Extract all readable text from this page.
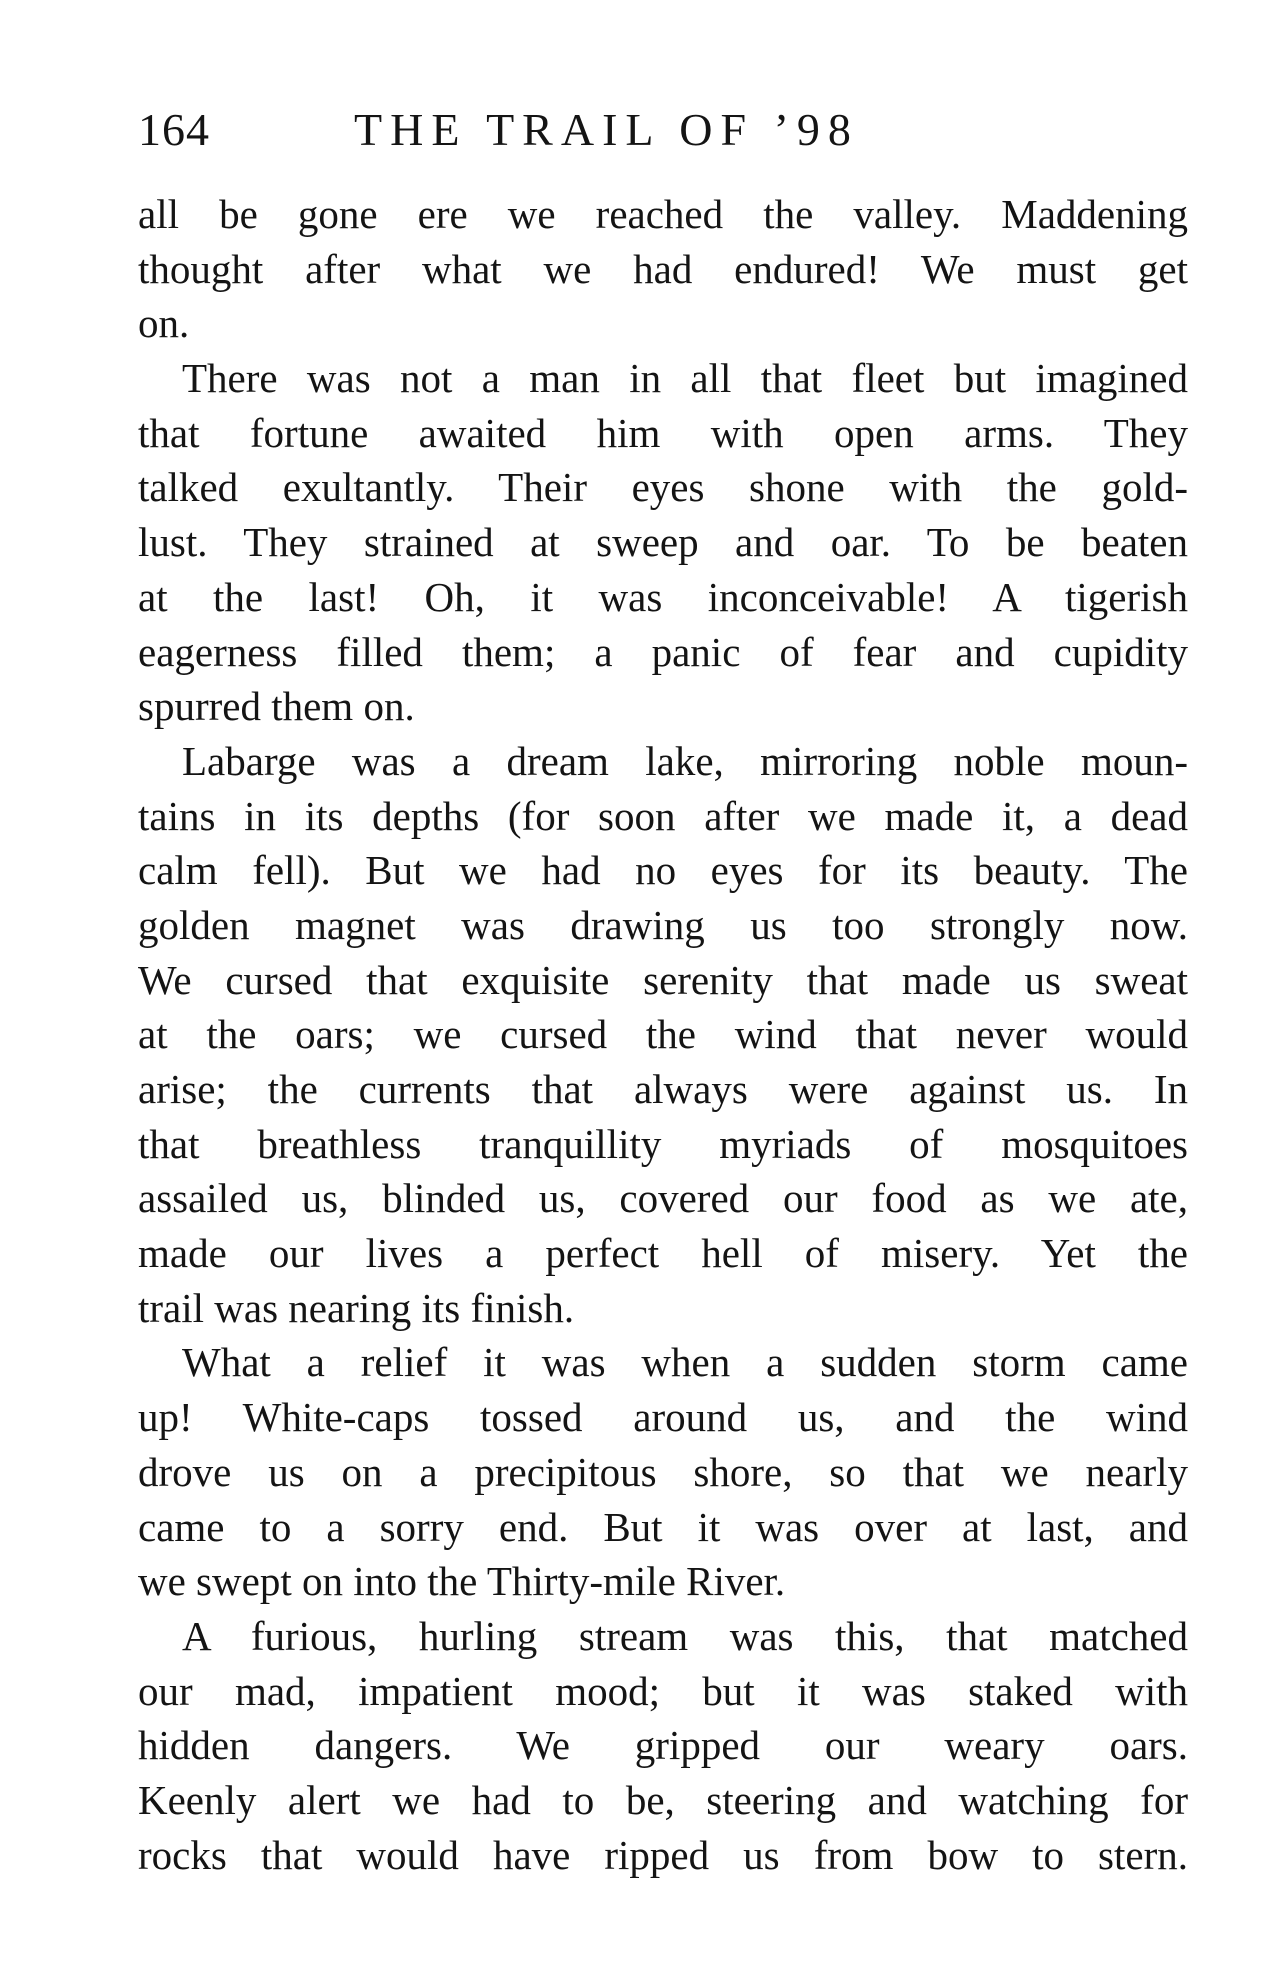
164	THE TRAIL OF ’98
all be gone ere we reached the valley. Maddening
thought after what we had endured! We must get
on.
There was not a man in all that fleet but imagined
that fortune awaited him with open arms. They
talked exultantly. Their eyes shone with the gold-
lust. They strained at sweep and oar. To be beaten
at the last! Oh, it was inconceivable! A tigerish
eagerness filled them; a panic of fear and cupidity
spurred them on.
Labarge was a dream lake, mirroring noble moun-
tains in its depths (for soon after we made it, a dead
calm fell). But we had no eyes for its beauty. The
golden magnet was drawing us too strongly now.
We cursed that exquisite serenity that made us sweat
at the oars; we cursed the wind that never would
arise; the currents that always were against us. In
that breathless tranquillity myriads of mosquitoes
assailed us, blinded us, covered our food as we ate,
made our lives a perfect hell of misery. Yet the
trail was nearing its finish.
What a relief it was when a sudden storm came
up! White-caps tossed around us, and the wind
drove us on a precipitous shore, so that we nearly
came to a sorry end. But it was over at last, and
we swept on into the Thirty-mile River.
A furious, hurling stream was this, that matched
our mad, impatient mood; but it was staked with
hidden dangers. We gripped our weary oars.
Keenly alert we had to be, steering and watching for
rocks that would have ripped us from bow to stern.
